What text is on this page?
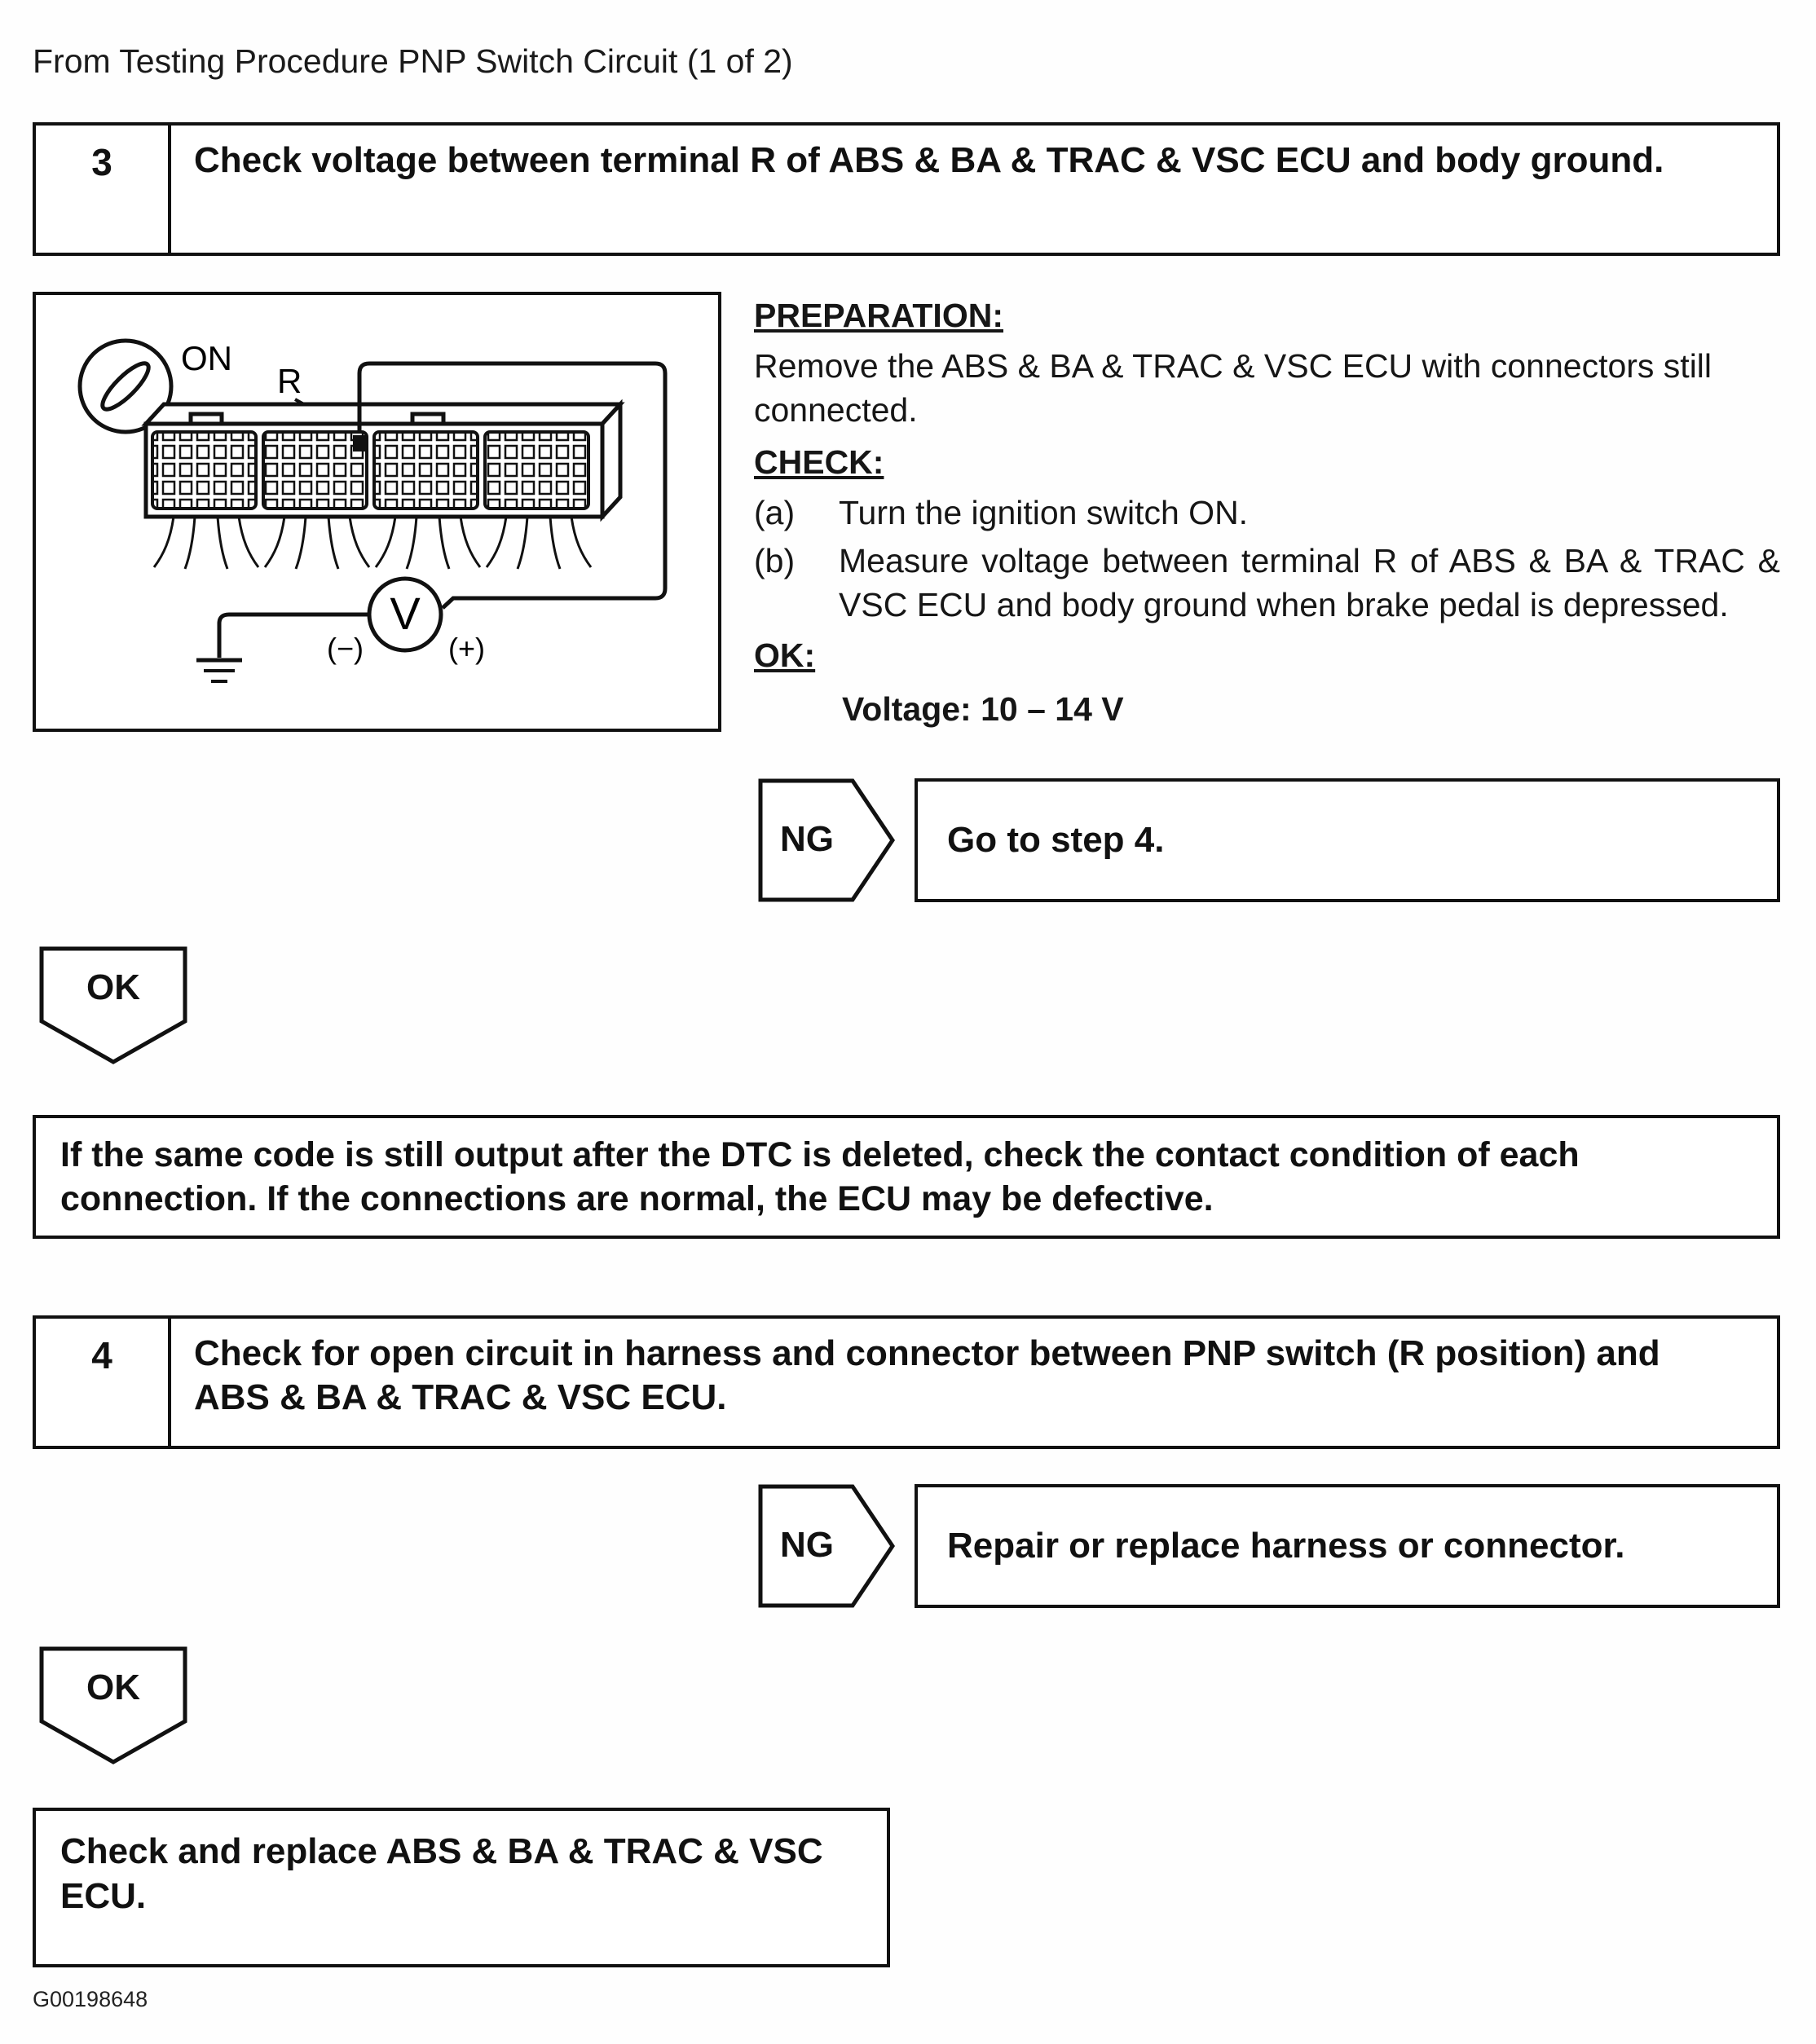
From Testing Procedure PNP Switch Circuit (1 of 2)
3	Check voltage between terminal R of ABS & BA & TRAC & VSC ECU and body ground.
ON
R
V
(−)	(+)
PREPARATION:

Remove the ABS & BA & TRAC & VSC ECU with connectors still connected.

CHECK:
(a)	Turn the ignition switch ON.
(b)	Measure voltage between terminal R of ABS & BA & TRAC & VSC ECU and body ground when brake pedal is depressed.
OK:
Voltage: 10 – 14 V
NG	Go to step 4.
OK
If the same code is still output after the DTC is deleted, check the contact condition of each connection. If the connections are normal, the ECU may be defective.
4	Check for open circuit in harness and connector between PNP switch (R position) and ABS & BA & TRAC & VSC ECU.
NG	Repair or replace harness or connector.
OK
Check and replace ABS & BA & TRAC & VSC ECU.
G00198648
